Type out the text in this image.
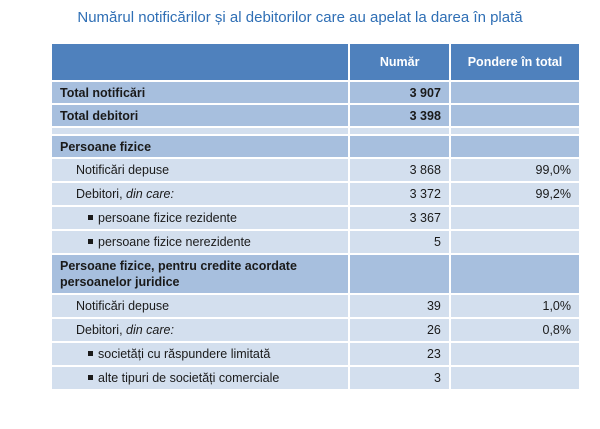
Numărul notificărilor și al debitorilor care au apelat la darea în plată
	Număr	Pondere în total
Total notificări	3 907	
Total debitori	3 398	

Persoane fizice		
Notificări depuse	3 868	99,0%
Debitori, din care:	3 372	99,2%
persoane fizice rezidente	3 367	
persoane fizice nerezidente	5	
Persoane fizice, pentru credite acordate persoanelor juridice		
Notificări depuse	39	1,0%
Debitori, din care:	26	0,8%
societăți cu răspundere limitată	23	
alte tipuri de societăți comerciale	3	
